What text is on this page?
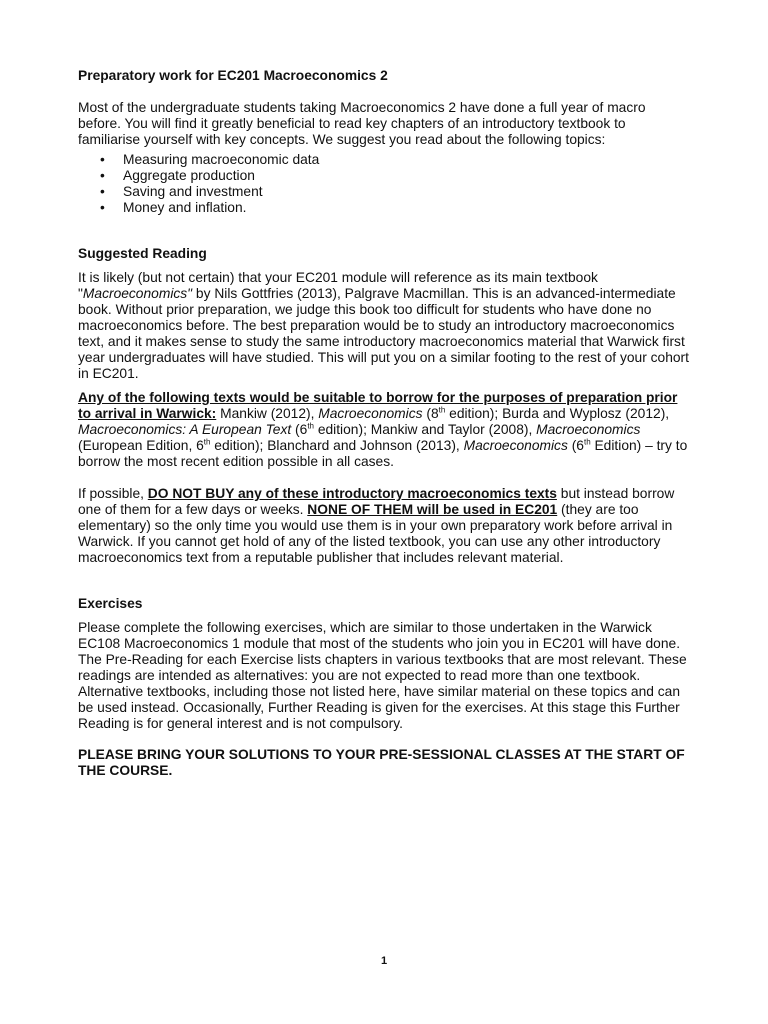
Preparatory work for EC201 Macroeconomics 2

Most of the undergraduate students taking Macroeconomics 2 have done a full year of macro before. You will find it greatly beneficial to read key chapters of an introductory textbook to familiarise yourself with key concepts. We suggest you read about the following topics:

• Measuring macroeconomic data
• Aggregate production
• Saving and investment
• Money and inflation.

Suggested Reading

It is likely (but not certain) that your EC201 module will reference as its main textbook "Macroeconomics" by Nils Gottfries (2013), Palgrave Macmillan. This is an advanced-intermediate book. Without prior preparation, we judge this book too difficult for students who have done no macroeconomics before. The best preparation would be to study an introductory macroeconomics text, and it makes sense to study the same introductory macroeconomics material that Warwick first year undergraduates will have studied. This will put you on a similar footing to the rest of your cohort in EC201.

Any of the following texts would be suitable to borrow for the purposes of preparation prior to arrival in Warwick: Mankiw (2012), Macroeconomics (8th edition); Burda and Wyplosz (2012), Macroeconomics: A European Text (6th edition); Mankiw and Taylor (2008), Macroeconomics (European Edition, 6th edition); Blanchard and Johnson (2013), Macroeconomics (6th Edition) – try to borrow the most recent edition possible in all cases.

If possible, DO NOT BUY any of these introductory macroeconomics texts but instead borrow one of them for a few days or weeks. NONE OF THEM will be used in EC201 (they are too elementary) so the only time you would use them is in your own preparatory work before arrival in Warwick. If you cannot get hold of any of the listed textbook, you can use any other introductory macroeconomics text from a reputable publisher that includes relevant material.

Exercises

Please complete the following exercises, which are similar to those undertaken in the Warwick EC108 Macroeconomics 1 module that most of the students who join you in EC201 will have done. The Pre-Reading for each Exercise lists chapters in various textbooks that are most relevant. These readings are intended as alternatives: you are not expected to read more than one textbook. Alternative textbooks, including those not listed here, have similar material on these topics and can be used instead. Occasionally, Further Reading is given for the exercises. At this stage this Further Reading is for general interest and is not compulsory.

PLEASE BRING YOUR SOLUTIONS TO YOUR PRE-SESSIONAL CLASSES AT THE START OF THE COURSE.

1
